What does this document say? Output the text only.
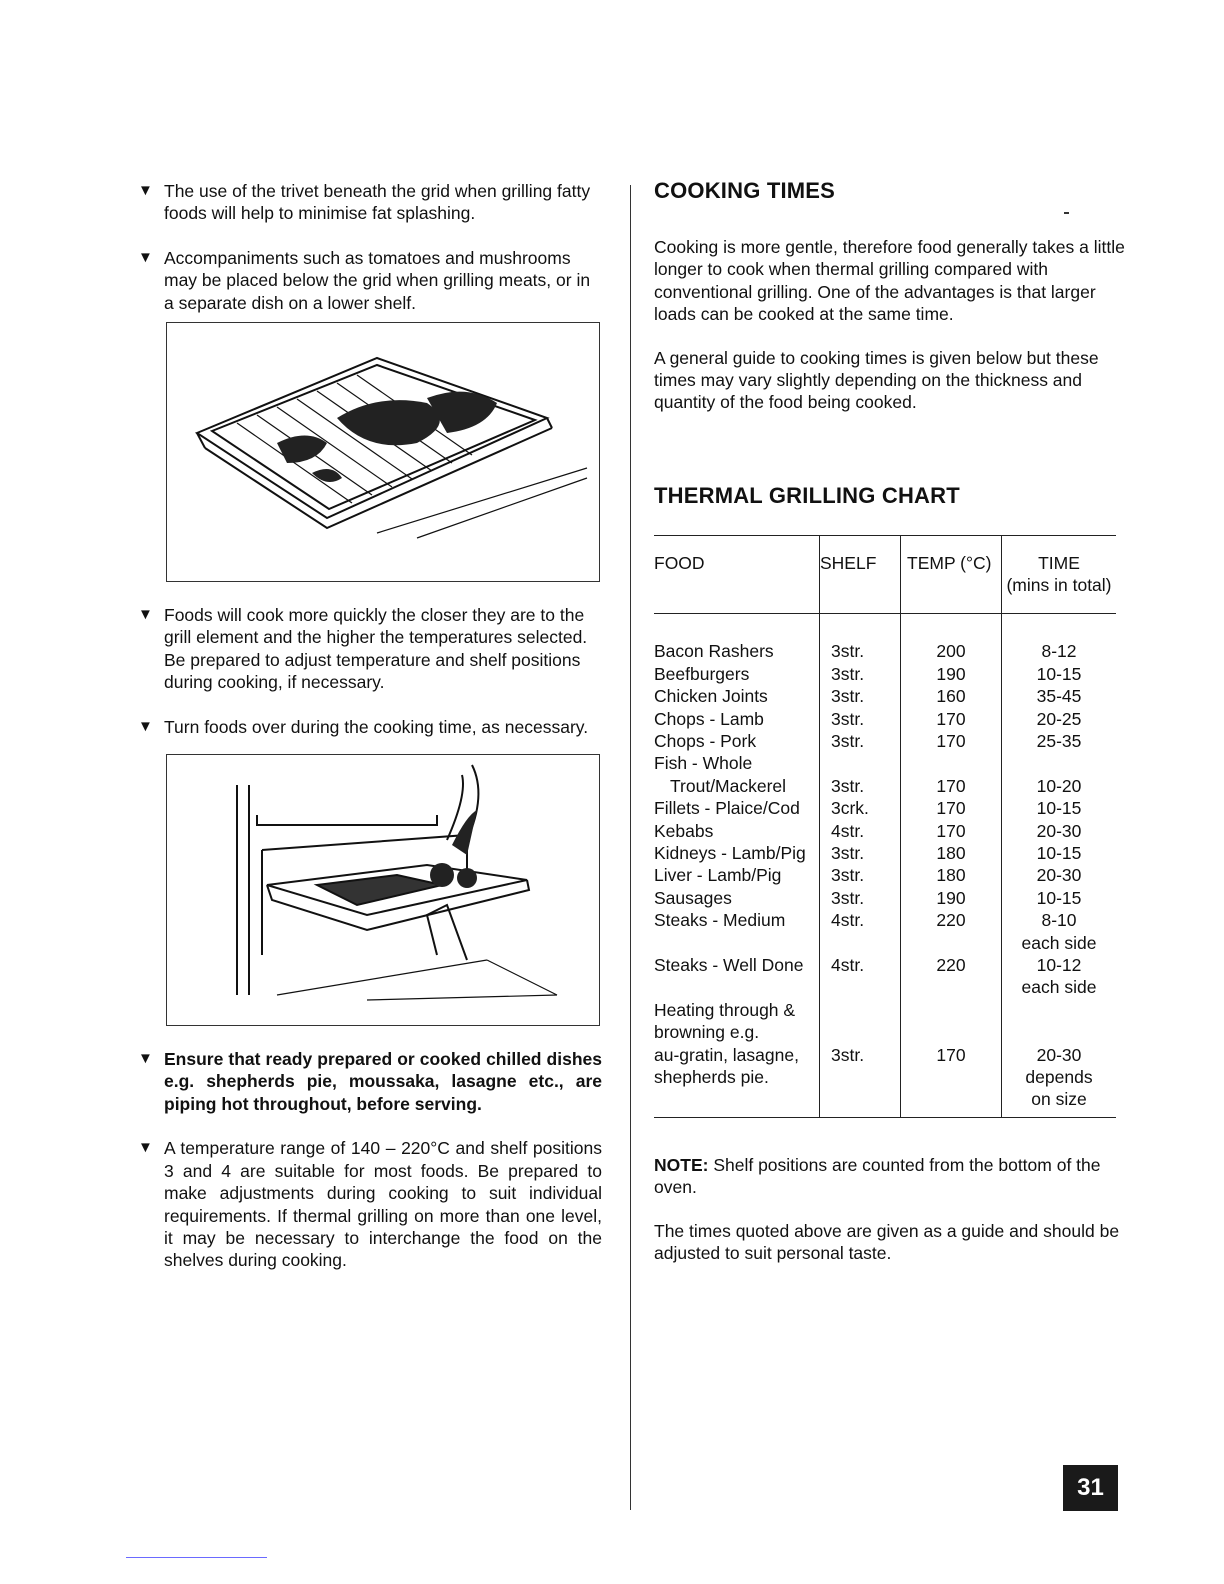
▼ The use of the trivet beneath the grid when grilling fatty foods will help to minimise fat splashing.
▼ Accompaniments such as tomatoes and mushrooms may be placed below the grid when grilling meats, or in a separate dish on a lower shelf.
▼ Foods will cook more quickly the closer they are to the grill element and the higher the temperatures selected. Be prepared to adjust temperature and shelf positions during cooking, if necessary.
▼ Turn foods over during the cooking time, as necessary.
▼ Ensure that ready prepared or cooked chilled dishes e.g. shepherds pie, moussaka, lasagne etc., are piping hot throughout, before serving.
▼ A temperature range of 140 – 220°C and shelf positions 3 and 4 are suitable for most foods. Be prepared to make adjustments during cooking to suit individual requirements. If thermal grilling on more than one level, it may be necessary to interchange the food on the shelves during cooking.
COOKING TIMES

Cooking is more gentle, therefore food generally takes a little longer to cook when thermal grilling compared with conventional grilling. One of the advantages is that larger loads can be cooked at the same time.

A general guide to cooking times is given below but these times may vary slightly depending on the thickness and quantity of the food being cooked.

THERMAL GRILLING CHART
FOOD	SHELF	TEMP (°C)	TIME
(mins in total)

Bacon Rashers	3str.	200	8-12
Beefburgers	3str.	190	10-15
Chicken Joints	3str.	160	35-45
Chops - Lamb	3str.	170	20-25
Chops - Pork	3str.	170	25-35
Fish - Whole			
Trout/Mackerel	3str.	170	10-20
Fillets - Plaice/Cod	3crk.	170	10-15
Kebabs	4str.	170	20-30
Kidneys - Lamb/Pig	3str.	180	10-15
Liver - Lamb/Pig	3str.	180	20-30
Sausages	3str.	190	10-15
Steaks - Medium	4str.	220	8-10
			each side
Steaks - Well Done	4str.	220	10-12
			each side

Heating through &			
browning e.g.			
au-gratin, lasagne,	3str.	170	20-30
shepherds pie.			depends
			on size

NOTE: Shelf positions are counted from the bottom of the oven.

The times quoted above are given as a guide and should be adjusted to suit personal taste.

31
